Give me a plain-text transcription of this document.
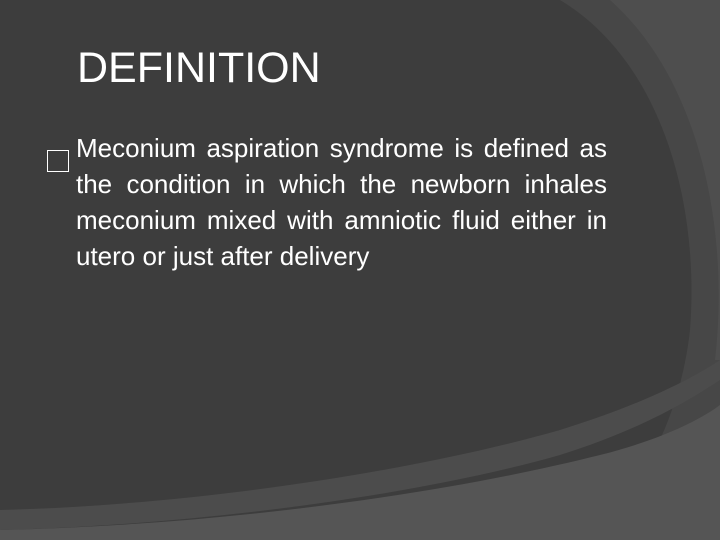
DEFINITION

Meconium aspiration syndrome is defined as the condition in which the newborn inhales meconium mixed with amniotic fluid either in utero or just after delivery
